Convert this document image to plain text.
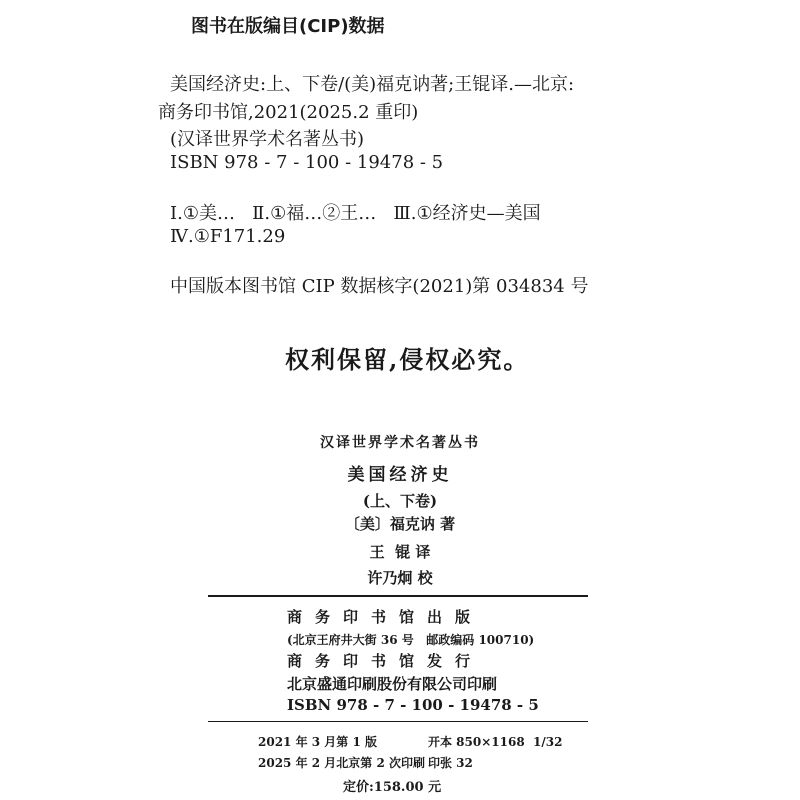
图书在版编目(CIP)数据
美国经济史:上、下卷/(美)福克讷著;王锟译.—北京:
商务印书馆,2021(2025.2 重印)
(汉译世界学术名著丛书)
ISBN 978 - 7 - 100 - 19478 - 5
Ⅰ.①美…   Ⅱ.①福…②王…   Ⅲ.①经济史—美国
Ⅳ.①F171.29
中国版本图书馆 CIP 数据核字(2021)第 034834 号
权利保留,侵权必究。
汉译世界学术名著丛书
美国经济史
(上、下卷)
〔美〕福克讷 著
王  锟 译
许乃炯 校
商务印书馆出版
(北京王府井大街 36 号   邮政编码 100710)
商务印书馆发行
北京盛通印刷股份有限公司印刷
ISBN 978 - 7 - 100 - 19478 - 5
2021 年 3 月第 1 版	开本 850×1168  1/32
2025 年 2 月北京第 2 次印刷 印张 32
定价:158.00 元
